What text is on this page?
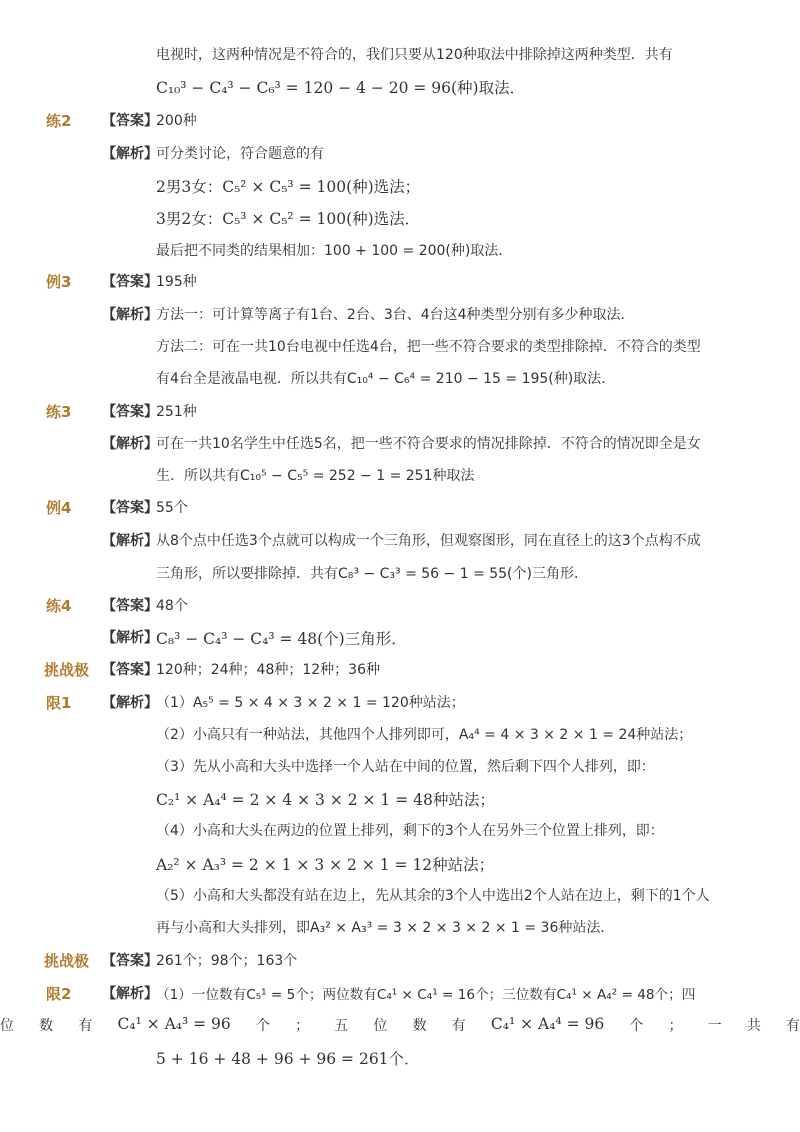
电视时，这两种情况是不符合的，我们只要从120种取法中排除掉这两种类型．共有
C₁₀³ − C₄³ − C₆³ = 120 − 4 − 20 = 96(种)取法．
练2 【答案】
200种
【解析】
可分类讨论，符合题意的有
2男3女：C₅² × C₅³ = 100(种)选法；
3男2女：C₅³ × C₅² = 100(种)选法．
最后把不同类的结果相加：100 + 100 = 200(种)取法．
例3 【答案】
195种
【解析】
方法一：可计算等离子有1台、2台、3台、4台这4种类型分别有多少种取法．
方法二：可在一共10台电视中任选4台，把一些不符合要求的类型排除掉．不符合的类型
有4台全是液晶电视．所以共有C₁₀⁴ − C₆⁴ = 210 − 15 = 195(种)取法．
练3 【答案】
251种
【解析】
可在一共10名学生中任选5名，把一些不符合要求的情况排除掉．不符合的情况即全是女
生．所以共有C₁₀⁵ − C₅⁵ = 252 − 1 = 251种取法
例4 【答案】
55个
【解析】
从8个点中任选3个点就可以构成一个三角形，但观察图形，同在直径上的这3个点构不成
三角形，所以要排除掉．共有C₈³ − C₃³ = 56 − 1 = 55(个)三角形．
练4 【答案】
48个
【解析】
C₈³ − C₄³ − C₄³ = 48(个)三角形．
挑战极 【答案】
120种；24种；48种；12种；36种
限1 【解析】
（1）A₅⁵ = 5 × 4 × 3 × 2 × 1 = 120种站法；
（2）小高只有一种站法，其他四个人排列即可，A₄⁴ = 4 × 3 × 2 × 1 = 24种站法；
（3）先从小高和大头中选择一个人站在中间的位置，然后剩下四个人排列，即：
C₂¹ × A₄⁴ = 2 × 4 × 3 × 2 × 1 = 48种站法；
（4）小高和大头在两边的位置上排列，剩下的3个人在另外三个位置上排列，即：
A₂² × A₃³ = 2 × 1 × 3 × 2 × 1 = 12种站法；
（5）小高和大头都没有站在边上，先从其余的3个人中选出2个人站在边上，剩下的1个人
再与小高和大头排列，即A₃² × A₃³ = 3 × 2 × 3 × 2 × 1 = 36种站法.
挑战极 【答案】
261个；98个；163个
限2 【解析】
（1）一位数有C₅¹ = 5个；两位数有C₄¹ × C₄¹ = 16个；三位数有C₄¹ × A₄² = 48个；四
位 数 有 C₄¹ × A₄³ = 96 个 ； 五 位 数 有 C₄¹ × A₄⁴ = 96 个 ； 一 共 有
5 + 16 + 48 + 96 + 96 = 261个．
